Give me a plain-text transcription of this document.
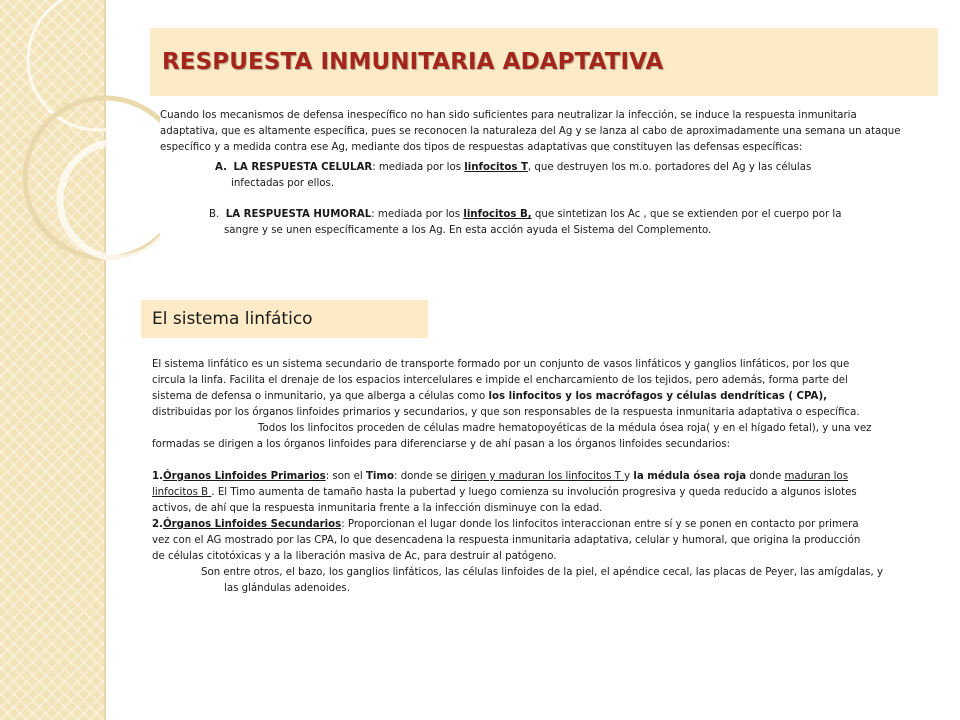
RESPUESTA INMUNITARIA ADAPTATIVA
Cuando los mecanismos de defensa inespecífico no han sido suficientes para neutralizar la infección, se induce la respuesta inmunitaria
adaptativa, que es altamente específica, pues se reconocen la naturaleza del Ag y se lanza al cabo de aproximadamente una semana un ataque
específico y a medida contra ese Ag, mediante dos tipos de respuestas adaptativas que constituyen las defensas específicas:
A. LA RESPUESTA CELULAR: mediada por los linfocitos T, que destruyen los m.o. portadores del Ag y las células
infectadas por ellos.
B. LA RESPUESTA HUMORAL: mediada por los linfocitos B, que sintetizan los Ac , que se extienden por el cuerpo por la
sangre y se unen específicamente a los Ag. En esta acción ayuda el Sistema del Complemento.
El sistema linfático
El sistema linfático es un sistema secundario de transporte formado por un conjunto de vasos linfáticos y ganglios linfáticos, por los que
circula la linfa. Facilita el drenaje de los espacios intercelulares e impide el encharcamiento de los tejidos, pero además, forma parte del
sistema de defensa o inmunitario, ya que alberga a células como los linfocitos y los macrófagos y células dendríticas ( CPA),
distribuidas por los órganos linfoides primarios y secundarios, y que son responsables de la respuesta inmunitaria adaptativa o específica.
Todos los linfocitos proceden de células madre hematopoyéticas de la médula ósea roja( y en el hígado fetal), y una vez
formadas se dirigen a los órganos linfoides para diferenciarse y de ahí pasan a los órganos linfoides secundarios:
1.Órganos Linfoides Primarios: son el Timo: donde se dirigen y maduran los linfocitos T y la médula ósea roja donde maduran los
linfocitos B . El Timo aumenta de tamaño hasta la pubertad y luego comienza su involución progresiva y queda reducido a algunos islotes
activos, de ahí que la respuesta inmunitaria frente a la infección disminuye con la edad.
2.Órganos Linfoides Secundarios: Proporcionan el lugar donde los linfocitos interaccionan entre sí y se ponen en contacto por primera
vez con el AG mostrado por las CPA, lo que desencadena la respuesta inmunitaria adaptativa, celular y humoral, que origina la producción
de células citotóxicas y a la liberación masiva de Ac, para destruir al patógeno.
Son entre otros, el bazo, los ganglios linfáticos, las células linfoides de la piel, el apéndice cecal, las placas de Peyer, las amígdalas, y
las glándulas adenoides.
